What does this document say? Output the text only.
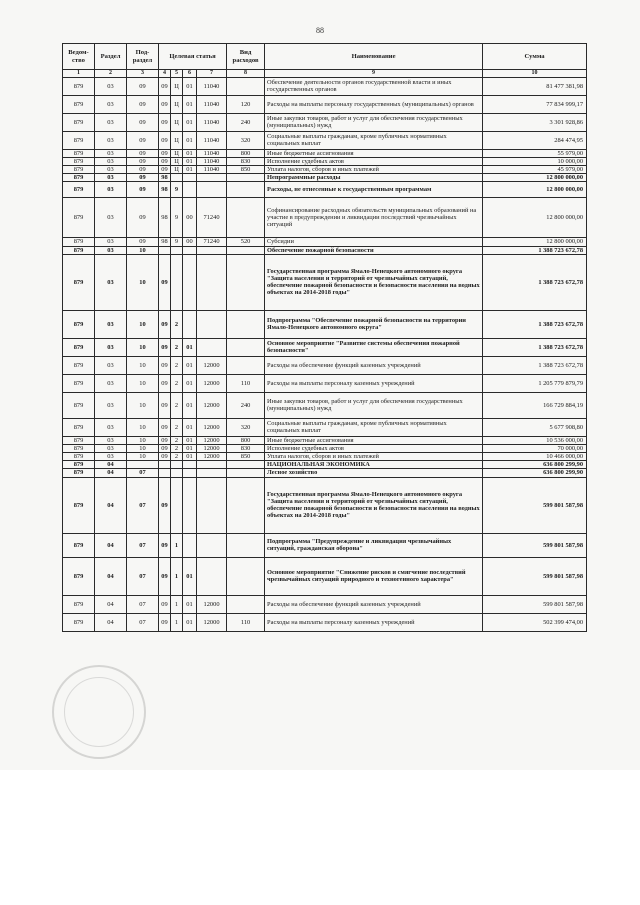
88
Ведом-ство	Раздел	Под-раздел	Целевая статья				Вид расходов	Наименование	Сумма
1	2	3	4	5	6	7	8	9	10
879	03	09	09	Ц	01	11040		Обеспечение деятельности органов государственной власти и иных государственных органов	81 477 381,98
879	03	09	09	Ц	01	11040	120	Расходы на выплаты персоналу государственных (муниципальных) органов	77 834 999,17
879	03	09	09	Ц	01	11040	240	Иные закупки товаров, работ и услуг для обеспечения государственных (муниципальных) нужд	3 301 928,86
879	03	09	09	Ц	01	11040	320	Социальные выплаты гражданам, кроме публичных нормативных социальных выплат	284 474,95
879	03	09	09	Ц	01	11040	800	Иные бюджетные ассигнования	55 979,00
879	03	09	09	Ц	01	11040	830	Исполнение судебных актов	10 000,00
879	03	09	09	Ц	01	11040	850	Уплата налогов, сборов и иных платежей	45 979,00
879	03	09	98					Непрограммные расходы	12 800 000,00
879	03	09	98	9				Расходы, не отнесенные к государственным программам	12 800 000,00
879	03	09	98	9	00	71240		Софинансирование расходных обязательств муниципальных образований на участие в предупреждении и ликвидации последствий чрезвычайных ситуаций	12 800 000,00
879	03	09	98	9	00	71240	520	Субсидии	12 800 000,00
879	03	10						Обеспечение пожарной безопасности	1 388 723 672,78
879	03	10	09					Государственная программа Ямало-Ненецкого автономного округа "Защита населения и территорий от чрезвычайных ситуаций, обеспечение пожарной безопасности и безопасности населения на водных объектах на 2014-2018 годы"	1 388 723 672,78
879	03	10	09	2				Подпрограмма "Обеспечение пожарной безопасности на территории Ямало-Ненецкого автономного округа"	1 388 723 672,78
879	03	10	09	2	01			Основное мероприятие "Развитие системы обеспечения пожарной безопасности"	1 388 723 672,78
879	03	10	09	2	01	12000		Расходы на обеспечение функций казенных учреждений	1 388 723 672,78
879	03	10	09	2	01	12000	110	Расходы на выплаты персоналу казенных учреждений	1 205 779 879,79
879	03	10	09	2	01	12000	240	Иные закупки товаров, работ и услуг для обеспечения государственных (муниципальных) нужд	166 729 884,19
879	03	10	09	2	01	12000	320	Социальные выплаты гражданам, кроме публичных нормативных социальных выплат	5 677 908,80
879	03	10	09	2	01	12000	800	Иные бюджетные ассигнования	10 536 000,00
879	03	10	09	2	01	12000	830	Исполнение судебных актов	70 000,00
879	03	10	09	2	01	12000	850	Уплата налогов, сборов и иных платежей	10 466 000,00
879	04							НАЦИОНАЛЬНАЯ ЭКОНОМИКА	636 800 299,90
879	04	07						Лесное хозяйство	636 800 299,90
879	04	07	09					Государственная программа Ямало-Ненецкого автономного округа "Защита населения и территорий от чрезвычайных ситуаций, обеспечение пожарной безопасности и безопасности населения на водных объектах на 2014-2018 годы"	599 801 587,98
879	04	07	09	1				Подпрограмма "Предупреждение и ликвидация чрезвычайных ситуаций, гражданская оборона"	599 801 587,98
879	04	07	09	1	01			Основное мероприятие "Снижение рисков и смягчение последствий чрезвычайных ситуаций природного и техногенного характера"	599 801 587,98
879	04	07	09	1	01	12000		Расходы на обеспечение функций казенных учреждений	599 801 587,98
879	04	07	09	1	01	12000	110	Расходы на выплаты персоналу казенных учреждений	502 399 474,00
